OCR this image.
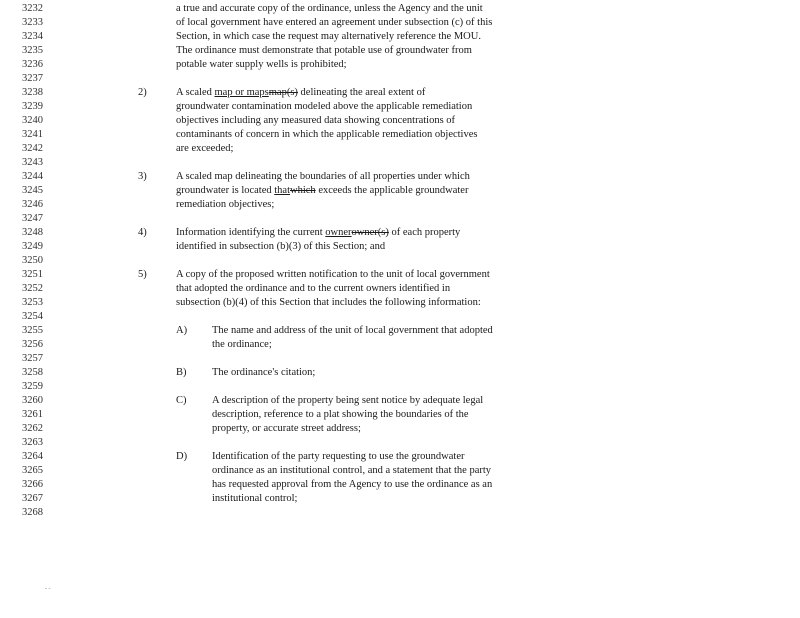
3232
3233
3234
3235
3236
3237
3238
3239
3240
3241
3242
3243
3244
3245
3246
3247
3248
3249
3250
3251
3252
3253
3254
3255
3256
3257
3258
3259
3260
3261
3262
3263
3264
3265
3266
3267
3268
a true and accurate copy of the ordinance, unless the Agency and the unit
of local government have entered an agreement under subsection (c) of this
Section, in which case the request may alternatively reference the MOU.
The ordinance must demonstrate that potable use of groundwater from
potable water supply wells is prohibited;
2)	A scaled map or mapsmap(s) delineating the areal extent of
groundwater contamination modeled above the applicable remediation
objectives including any measured data showing concentrations of
contaminants of concern in which the applicable remediation objectives
are exceeded;
3)	A scaled map delineating the boundaries of all properties under which
groundwater is located thatwhich exceeds the applicable groundwater
remediation objectives;
4)	Information identifying the current ownerowner(s) of each property
identified in subsection (b)(3) of this Section; and
5)	A copy of the proposed written notification to the unit of local government
that adopted the ordinance and to the current owners identified in
subsection (b)(4) of this Section that includes the following information:
A) The name and address of the unit of local government that adopted
the ordinance;
B) The ordinance's citation;
C) A description of the property being sent notice by adequate legal
description, reference to a plat showing the boundaries of the
property, or accurate street address;
D) Identification of the party requesting to use the groundwater
ordinance as an institutional control, and a statement that the party
has requested approval from the Agency to use the ordinance as an
institutional control;
- -
